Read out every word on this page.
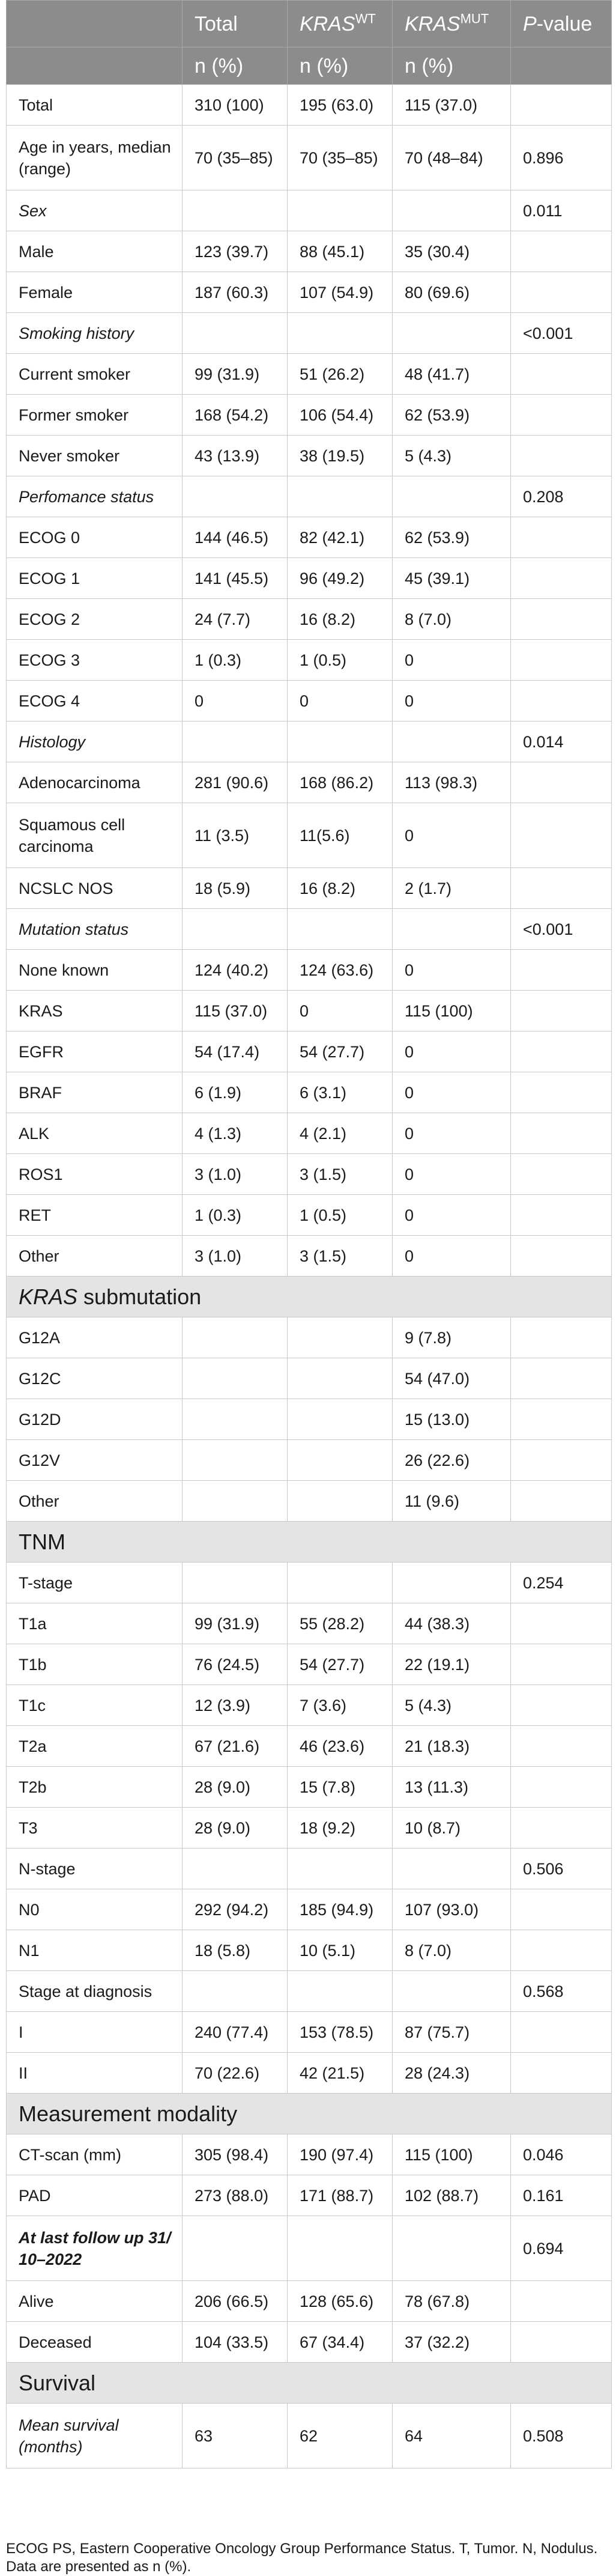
	Total	$KRAS^{WT}$	$KRAS^{MUT}$	P-value
	n (%)	n (%)	n (%)	
Total	310 (100)	195 (63.0)	115 (37.0)	
Age in years, median (range)	70 (35–85)	70 (35–85)	70 (48–84)	0.896
Sex				0.011
Male	123 (39.7)	88 (45.1)	35 (30.4)	
Female	187 (60.3)	107 (54.9)	80 (69.6)	
Smoking history				<0.001
Current smoker	99 (31.9)	51 (26.2)	48 (41.7)	
Former smoker	168 (54.2)	106 (54.4)	62 (53.9)	
Never smoker	43 (13.9)	38 (19.5)	5 (4.3)	
Perfomance status				0.208
ECOG 0	144 (46.5)	82 (42.1)	62 (53.9)	
ECOG 1	141 (45.5)	96 (49.2)	45 (39.1)	
ECOG 2	24 (7.7)	16 (8.2)	8 (7.0)	
ECOG 3	1 (0.3)	1 (0.5)	0	
ECOG 4	0	0	0	
Histology				0.014
Adenocarcinoma	281 (90.6)	168 (86.2)	113 (98.3)	
Squamous cell carcinoma	11 (3.5)	11(5.6)	0	
NCSLC NOS	18 (5.9)	16 (8.2)	2 (1.7)	
Mutation status				<0.001
None known	124 (40.2)	124 (63.6)	0	
KRAS	115 (37.0)	0	115 (100)	
EGFR	54 (17.4)	54 (27.7)	0	
BRAF	6 (1.9)	6 (3.1)	0	
ALK	4 (1.3)	4 (2.1)	0	
ROS1	3 (1.0)	3 (1.5)	0	
RET	1 (0.3)	1 (0.5)	0	
Other	3 (1.0)	3 (1.5)	0	
KRAS submutation				
G12A			9 (7.8)	
G12C			54 (47.0)	
G12D			15 (13.0)	
G12V			26 (22.6)	
Other			11 (9.6)	
TNM				
T-stage				0.254
T1a	99 (31.9)	55 (28.2)	44 (38.3)	
T1b	76 (24.5)	54 (27.7)	22 (19.1)	
T1c	12 (3.9)	7 (3.6)	5 (4.3)	
T2a	67 (21.6)	46 (23.6)	21 (18.3)	
T2b	28 (9.0)	15 (7.8)	13 (11.3)	
T3	28 (9.0)	18 (9.2)	10 (8.7)	
N-stage				0.506
N0	292 (94.2)	185 (94.9)	107 (93.0)	
N1	18 (5.8)	10 (5.1)	8 (7.0)	
Stage at diagnosis				0.568
I	240 (77.4)	153 (78.5)	87 (75.7)	
II	70 (22.6)	42 (21.5)	28 (24.3)	
Measurement modality				
CT-scan (mm)	305 (98.4)	190 (97.4)	115 (100)	0.046
PAD	273 (88.0)	171 (88.7)	102 (88.7)	0.161
At last follow up 31/ 10–2022				0.694
Alive	206 (66.5)	128 (65.6)	78 (67.8)	
Deceased	104 (33.5)	67 (34.4)	37 (32.2)	
Survival				
Mean survival (months)	63	62	64	0.508
ECOG PS, Eastern Cooperative Oncology Group Performance Status. T, Tumor. N, Nodulus. Data are presented as n (%).
